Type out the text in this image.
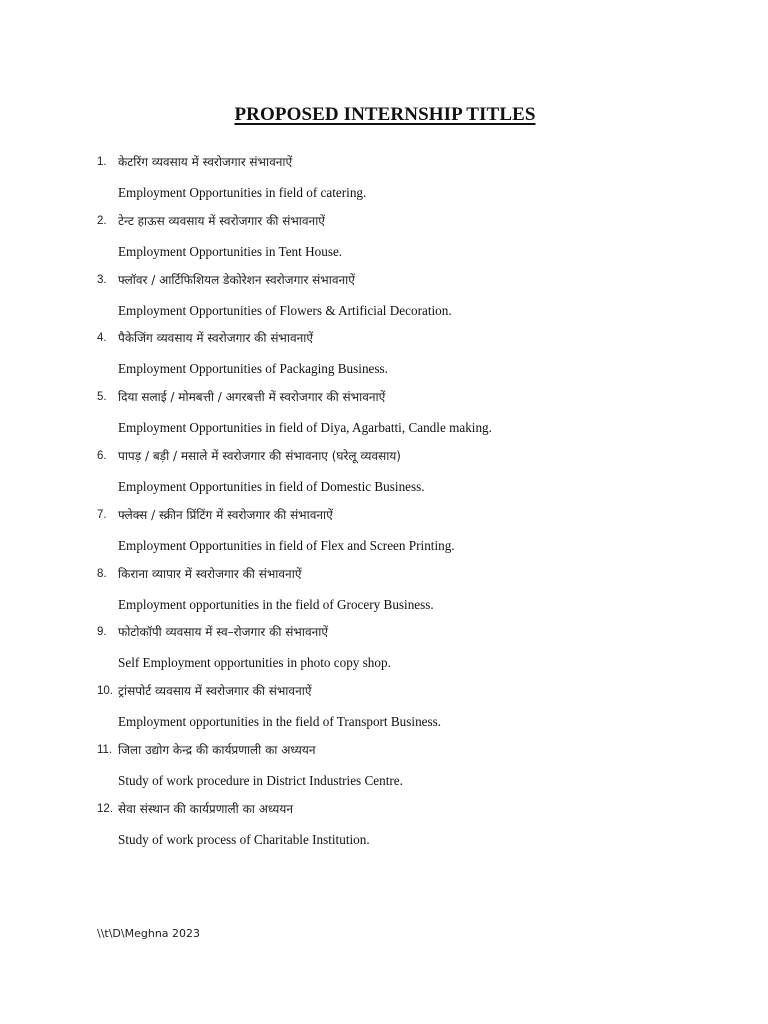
PROPOSED INTERNSHIP TITLES
1. केटरिंग व्यवसाय में स्वरोजगार संभावनाऐं
Employment Opportunities in field of catering.
2. टेन्ट हाऊस व्यवसाय में स्वरोजगार की संभावनाऐं
Employment Opportunities in Tent House.
3. फ्लॉवर / आर्टिफिशियल डेकोरेशन स्वरोजगार संभावनाऐं
Employment Opportunities of Flowers & Artificial Decoration.
4. पैकेजिंग व्यवसाय में स्वरोजगार की संभावनाऐं
Employment Opportunities of Packaging Business.
5. दिया सलाई / मोमबत्ती / अगरबत्ती में स्वरोजगार की संभावनाऐं
Employment Opportunities in field of Diya, Agarbatti, Candle making.
6. पापड़ / बड़ी / मसाले में स्वरोजगार की संभावनाए (घरेलू व्यवसाय)
Employment Opportunities in field of Domestic Business.
7. फ्लेक्स / स्क्रीन प्रिंटिंग में स्वरोजगार की संभावनाऐं
Employment Opportunities in field of Flex and Screen Printing.
8. किराना व्यापार में स्वरोजगार की संभावनाऐं
Employment opportunities in the field of Grocery Business.
9. फोटोकॉपी व्यवसाय में स्व–रोजगार की संभावनाऐं
Self Employment opportunities in photo copy shop.
10. ट्रांसपोर्ट व्यवसाय में स्वरोजगार की संभावनाऐं
Employment opportunities in the field of Transport Business.
11. जिला उद्योग केन्द्र की कार्यप्रणाली का अध्ययन
Study of work procedure in District Industries Centre.
12. सेवा संस्थान की कार्यप्रणाली का अध्ययन
Study of work process of Charitable Institution.
\\t\D\Meghna 2023
